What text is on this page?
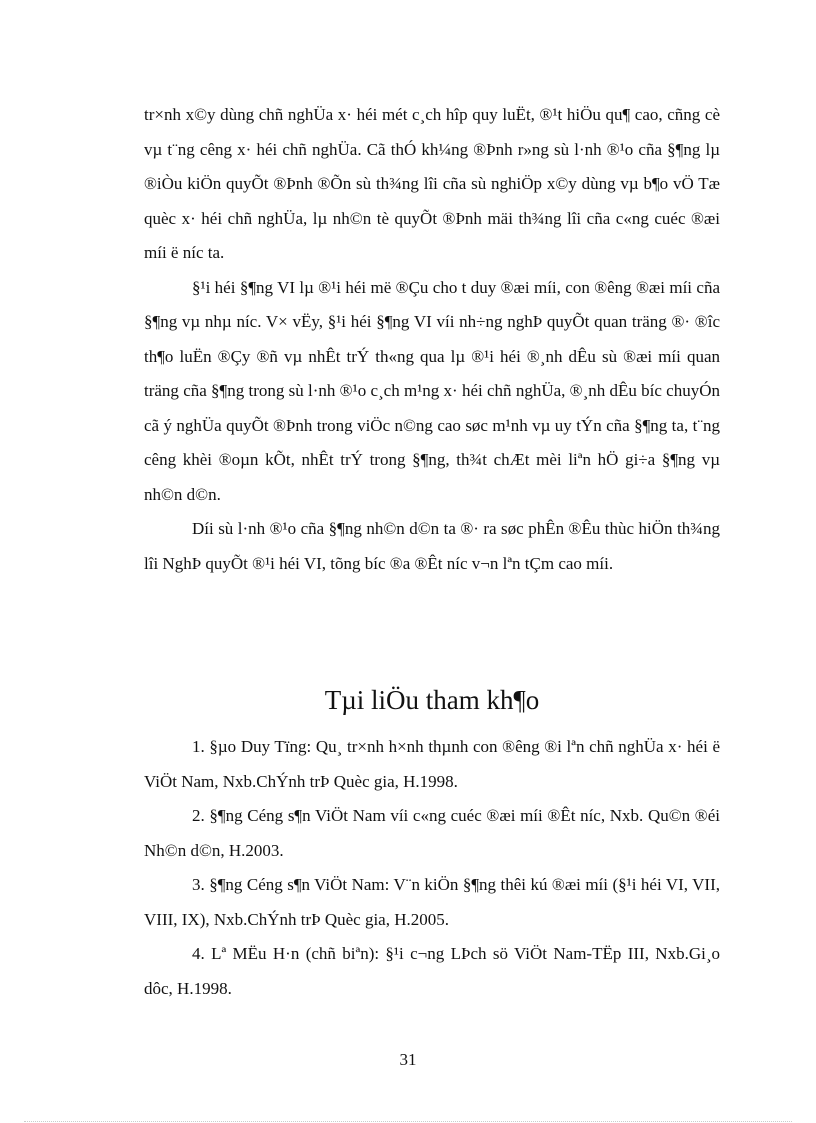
tr×nh x©y dùng chñ nghÜa x· héi mét c¸ch hîp quy luËt, ®¹t hiÖu qu¶ cao, cñng cè vµ t¨ng cêng x· héi chñ nghÜa. Cã thÓ kh¼ng ®Þnh r»ng sù l·nh ®¹o cña §¶ng lµ ®iÒu kiÖn quyÕt ®Þnh ®Õn sù th¾ng lîi cña sù nghiÖp x©y dùng vµ b¶o vÖ Tæ quèc x· héi chñ nghÜa, lµ nh©n tè quyÕt ®Þnh mäi th¾ng lîi cña c«ng cuéc ®æi míi ë níc ta.

§¹i héi §¶ng VI lµ ®¹i héi më ®Çu cho t duy ®æi míi, con ®êng ®æi míi cña §¶ng vµ nhµ níc. V× vËy, §¹i héi §¶ng VI víi nh÷ng nghÞ quyÕt quan träng ®· ®îc th¶o luËn ®Çy ®ñ vµ nhÊt trÝ th«ng qua lµ ®¹i héi ®¸nh dÊu sù ®æi míi quan träng cña §¶ng trong sù l·nh ®¹o c¸ch m¹ng x· héi chñ nghÜa, ®¸nh dÊu bíc chuyÓn cã ý nghÜa quyÕt ®Þnh trong viÖc n©ng cao søc m¹nh vµ uy tÝn cña §¶ng ta, t¨ng cêng khèi ®oµn kÕt, nhÊt trÝ trong §¶ng, th¾t chÆt mèi liªn hÖ gi÷a §¶ng vµ nh©n d©n.

Díi sù l·nh ®¹o cña §¶ng nh©n d©n ta ®· ra søc phÊn ®Êu thùc hiÖn th¾ng lîi NghÞ quyÕt ®¹i héi VI, tõng bíc ®a ®Êt níc v¬n lªn tÇm cao míi.

Tµi liÖu tham kh¶o

1. §µo Duy Tïng: Qu¸ tr×nh h×nh thµnh con ®êng ®i lªn chñ nghÜa x· héi ë ViÖt Nam, Nxb.ChÝnh trÞ Quèc gia, H.1998.

2. §¶ng Céng s¶n ViÖt Nam víi c«ng cuéc ®æi míi ®Êt níc, Nxb. Qu©n ®éi Nh©n d©n, H.2003.

3. §¶ng Céng s¶n ViÖt Nam: V¨n kiÖn §¶ng thêi kú ®æi míi (§¹i héi VI, VII, VIII, IX), Nxb.ChÝnh trÞ Quèc gia, H.2005.

4. Lª MËu H·n (chñ biªn): §¹i c¬ng LÞch sö ViÖt Nam-TËp III, Nxb.Gi¸o dôc, H.1998.

31
